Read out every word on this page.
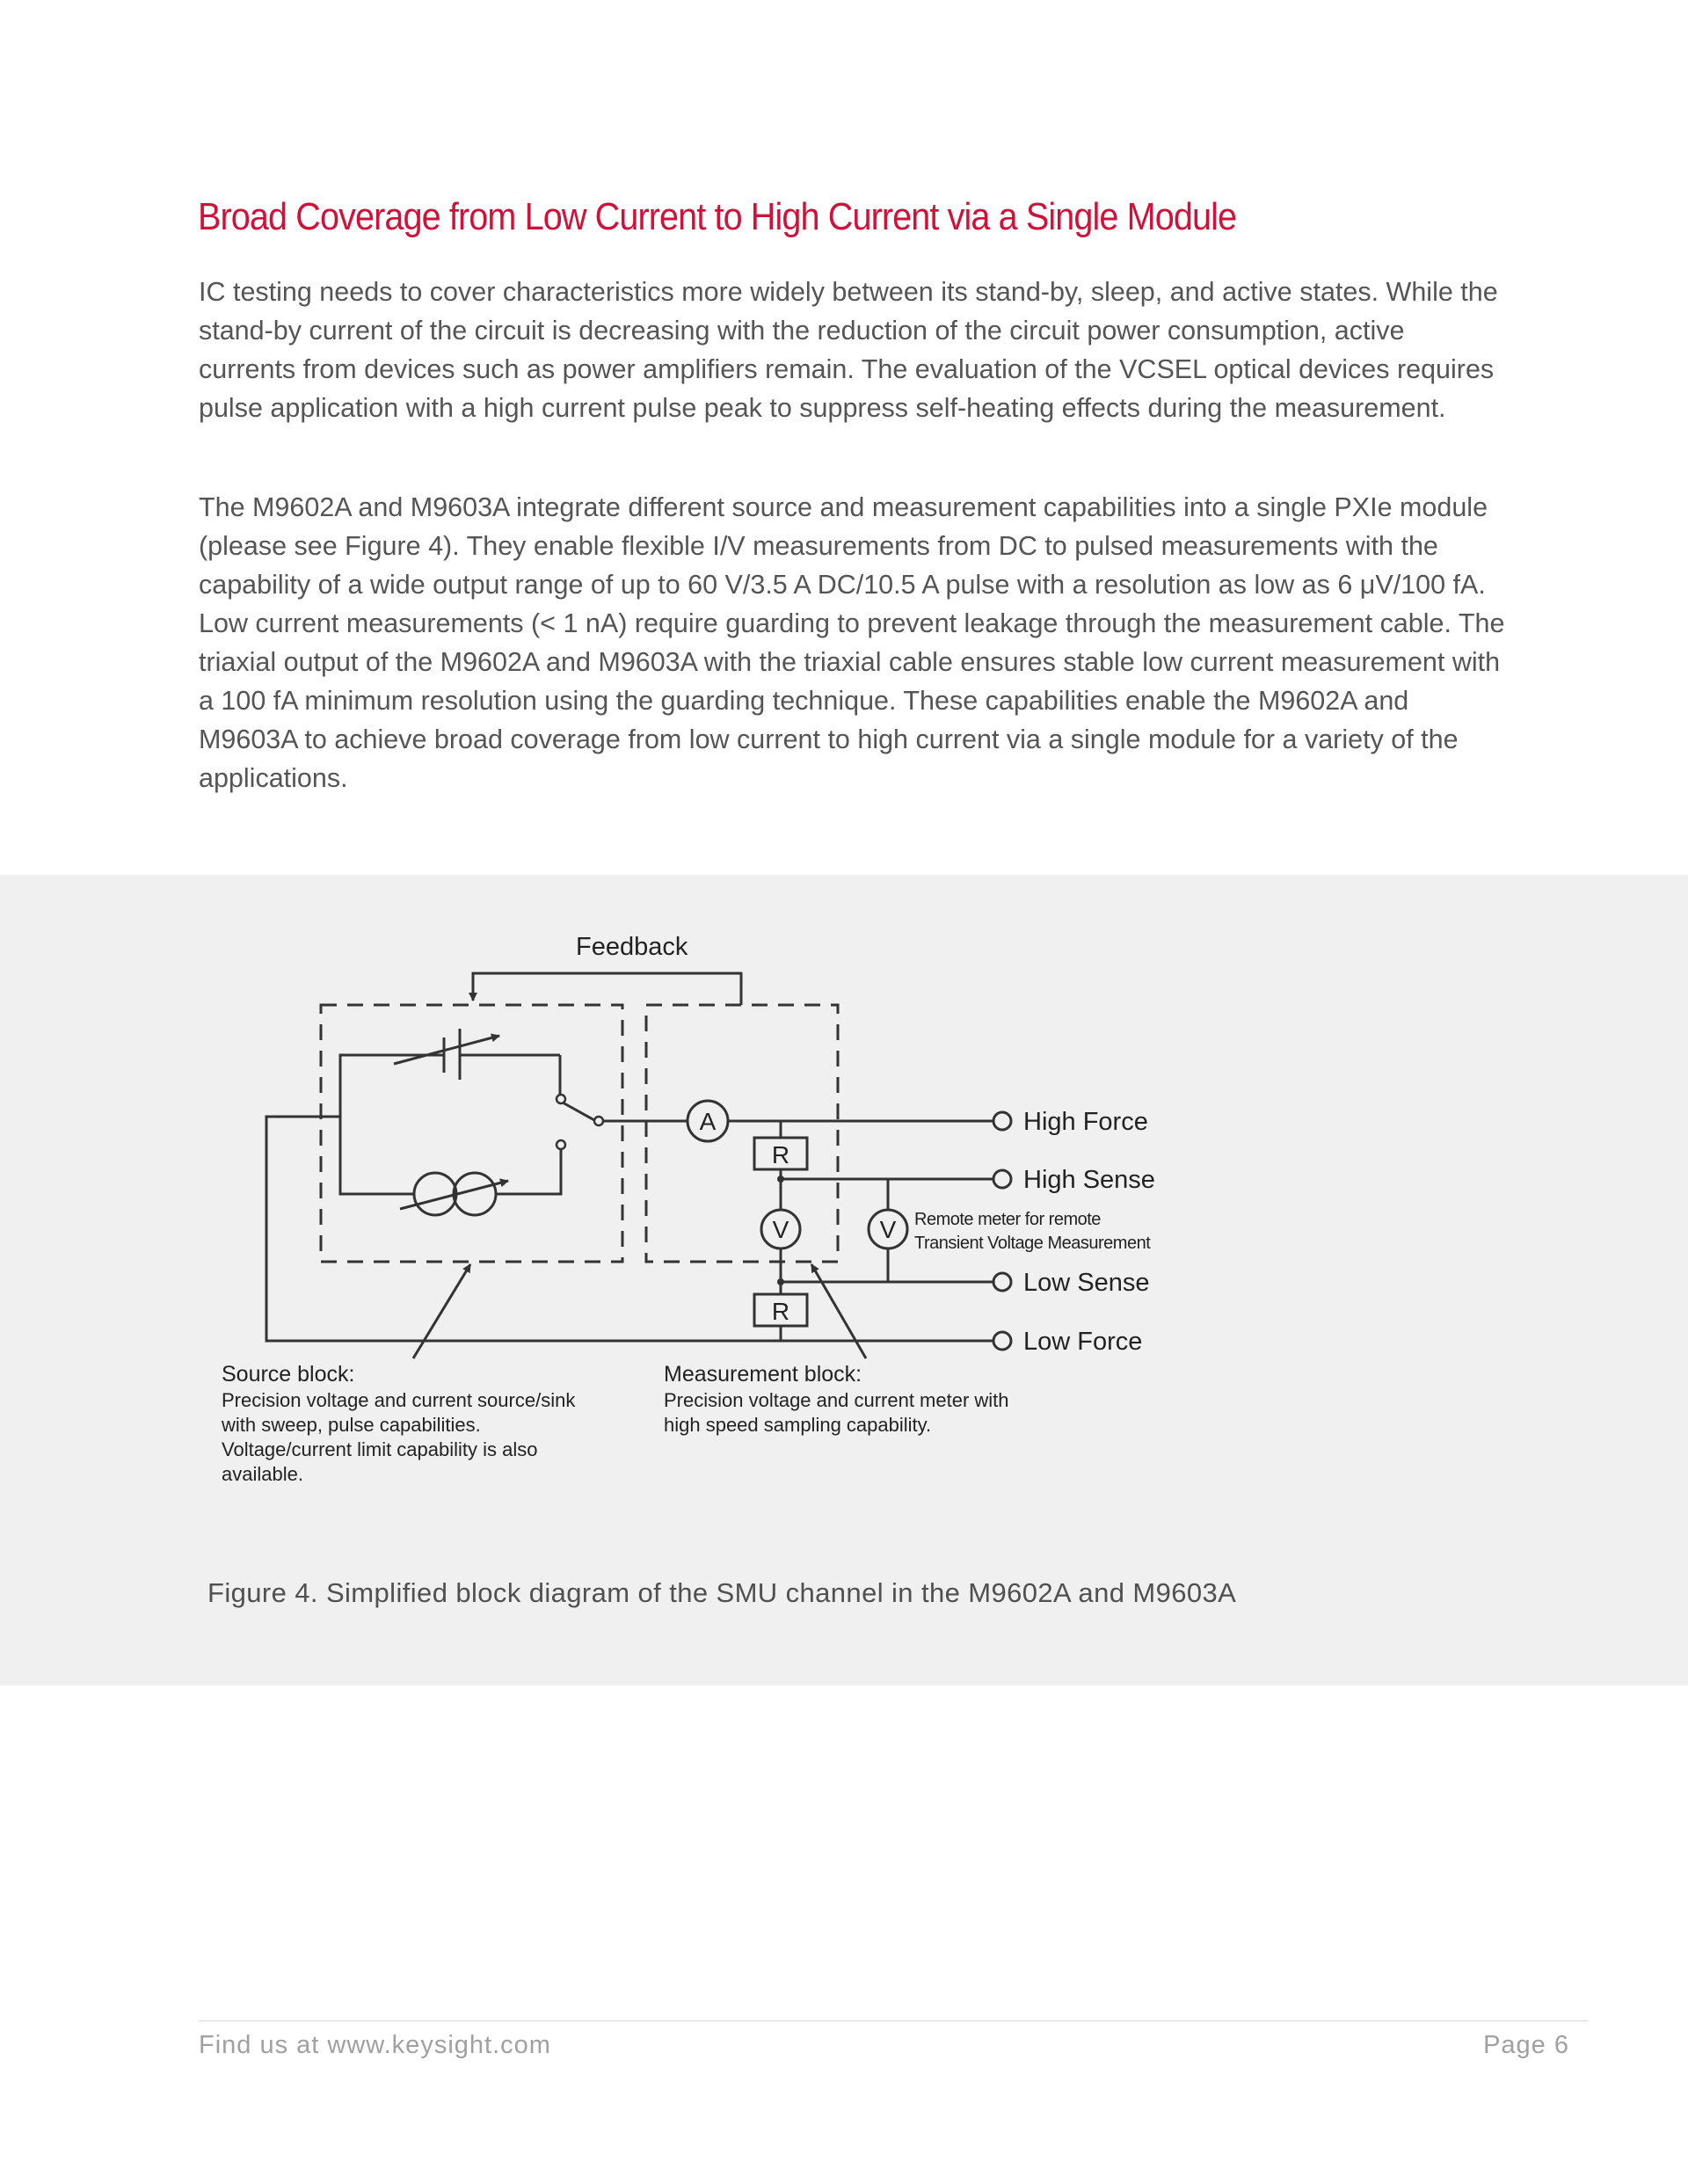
Broad Coverage from Low Current to High Current via a Single Module

IC testing needs to cover characteristics more widely between its stand-by, sleep, and active states. While the stand-by current of the circuit is decreasing with the reduction of the circuit power consumption, active currents from devices such as power amplifiers remain. The evaluation of the VCSEL optical devices requires pulse application with a high current pulse peak to suppress self-heating effects during the measurement.

The M9602A and M9603A integrate different source and measurement capabilities into a single PXIe module (please see Figure 4). They enable flexible I/V measurements from DC to pulsed measurements with the capability of a wide output range of up to 60 V/3.5 A DC/10.5 A pulse with a resolution as low as 6 μV/100 fA. Low current measurements (< 1 nA) require guarding to prevent leakage through the measurement cable. The triaxial output of the M9602A and M9603A with the triaxial cable ensures stable low current measurement with a 100 fA minimum resolution using the guarding technique. These capabilities enable the M9602A and M9603A to achieve broad coverage from low current to high current via a single module for a variety of the applications.

Feedback
A
R
V	V
R
High Force
High Sense
Low Sense
Low Force
Remote meter for remote
Transient Voltage Measurement
Source block:
Precision voltage and current source/sink
with sweep, pulse capabilities.
Voltage/current limit capability is also
available.
Measurement block:
Precision voltage and current meter with
high speed sampling capability.

Figure 4. Simplified block diagram of the SMU channel in the M9602A and M9603A

Find us at www.keysight.com	Page 6
